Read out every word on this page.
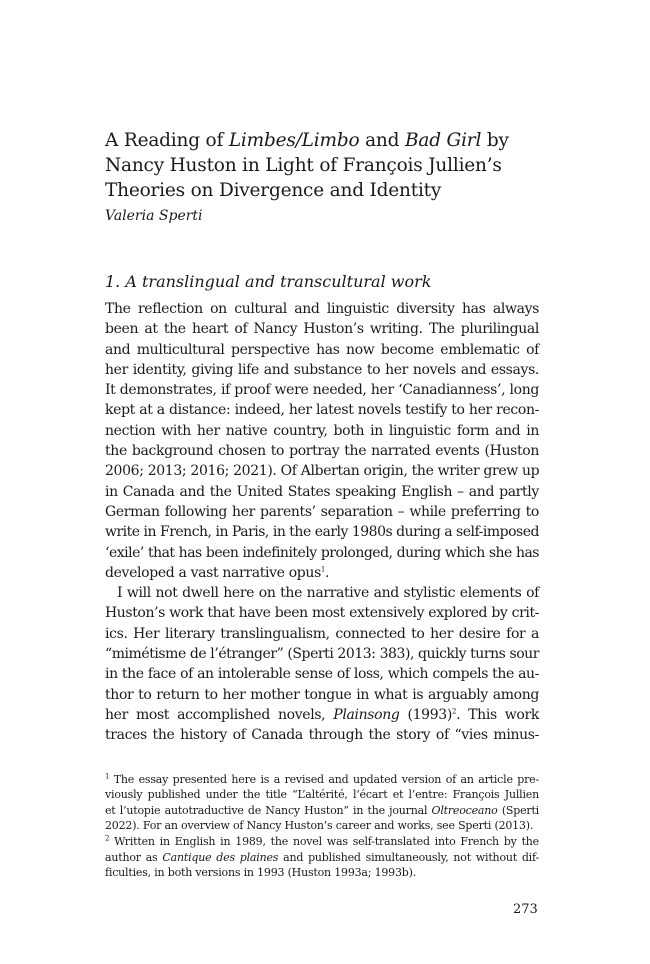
A Reading of Limbes/Limbo and Bad Girl by
Nancy Huston in Light of François Jullien’s
Theories on Divergence and Identity
Valeria Sperti
1. A translingual and transcultural work

The reflection on cultural and linguistic diversity has always
been at the heart of Nancy Huston’s writing. The plurilingual
and multicultural perspective has now become emblematic of
her identity, giving life and substance to her novels and essays.
It demonstrates, if proof were needed, her ‘Canadianness’, long
kept at a distance: indeed, her latest novels testify to her recon-
nection with her native country, both in linguistic form and in
the background chosen to portray the narrated events (Huston
2006; 2013; 2016; 2021). Of Albertan origin, the writer grew up
in Canada and the United States speaking English – and partly
German following her parents’ separation – while preferring to
write in French, in Paris, in the early 1980s during a self-imposed
‘exile’ that has been indefinitely prolonged, during which she has
developed a vast narrative opus$^1$.

I will not dwell here on the narrative and stylistic elements of
Huston’s work that have been most extensively explored by crit-
ics. Her literary translingualism, connected to her desire for a
“mimétisme de l’étranger” (Sperti 2013: 383), quickly turns sour
in the face of an intolerable sense of loss, which compels the au-
thor to return to her mother tongue in what is arguably among
her most accomplished novels, Plainsong $(1993)^2$. This work
traces the history of Canada through the story of “vies minus-

$^1$ The essay presented here is a revised and updated version of an article pre-
viously published under the title “L’altérité, l’écart et l’entre: François Jullien
et l’utopie autotraductive de Nancy Huston” in the journal Oltreoceano (Sperti
2022). For an overview of Nancy Huston’s career and works, see Sperti (2013).
$^2$ Written in English in 1989, the novel was self-translated into French by the
author as Cantique des plaines and published simultaneously, not without dif-
ficulties, in both versions in 1993 (Huston 1993a; 1993b).
273
